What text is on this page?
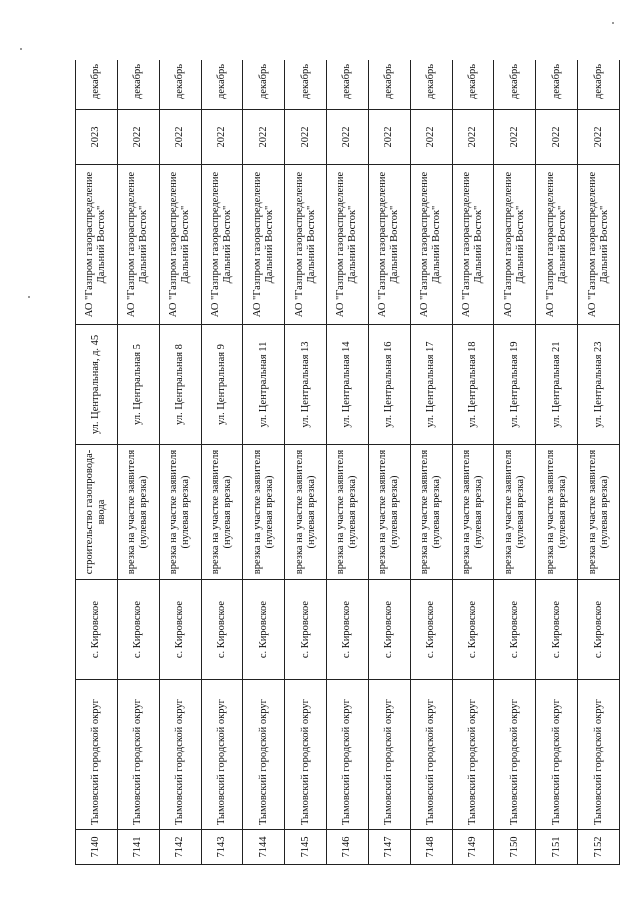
7140	Тымовский городской округ	с. Кировское	строительство газопровода-ввода	ул. Центральная, д. 45	АО "Газпром газораспределение Дальний Восток"	2023	декабрь
7141	Тымовский городской округ	с. Кировское	врезка на участке заявителя (нулевая врезка)	ул. Центральная 5	АО "Газпром газораспределение Дальний Восток"	2022	декабрь
7142	Тымовский городской округ	с. Кировское	врезка на участке заявителя (нулевая врезка)	ул. Центральная 8	АО "Газпром газораспределение Дальний Восток"	2022	декабрь
7143	Тымовский городской округ	с. Кировское	врезка на участке заявителя (нулевая врезка)	ул. Центральная 9	АО "Газпром газораспределение Дальний Восток"	2022	декабрь
7144	Тымовский городской округ	с. Кировское	врезка на участке заявителя (нулевая врезка)	ул. Центральная 11	АО "Газпром газораспределение Дальний Восток"	2022	декабрь
7145	Тымовский городской округ	с. Кировское	врезка на участке заявителя (нулевая врезка)	ул. Центральная 13	АО "Газпром газораспределение Дальний Восток"	2022	декабрь
7146	Тымовский городской округ	с. Кировское	врезка на участке заявителя (нулевая врезка)	ул. Центральная 14	АО "Газпром газораспределение Дальний Восток"	2022	декабрь
7147	Тымовский городской округ	с. Кировское	врезка на участке заявителя (нулевая врезка)	ул. Центральная 16	АО "Газпром газораспределение Дальний Восток"	2022	декабрь
7148	Тымовский городской округ	с. Кировское	врезка на участке заявителя (нулевая врезка)	ул. Центральная 17	АО "Газпром газораспределение Дальний Восток"	2022	декабрь
7149	Тымовский городской округ	с. Кировское	врезка на участке заявителя (нулевая врезка)	ул. Центральная 18	АО "Газпром газораспределение Дальний Восток"	2022	декабрь
7150	Тымовский городской округ	с. Кировское	врезка на участке заявителя (нулевая врезка)	ул. Центральная 19	АО "Газпром газораспределение Дальний Восток"	2022	декабрь
7151	Тымовский городской округ	с. Кировское	врезка на участке заявителя (нулевая врезка)	ул. Центральная 21	АО "Газпром газораспределение Дальний Восток"	2022	декабрь
7152	Тымовский городской округ	с. Кировское	врезка на участке заявителя (нулевая врезка)	ул. Центральная 23	АО "Газпром газораспределение Дальний Восток"	2022	декабрь
